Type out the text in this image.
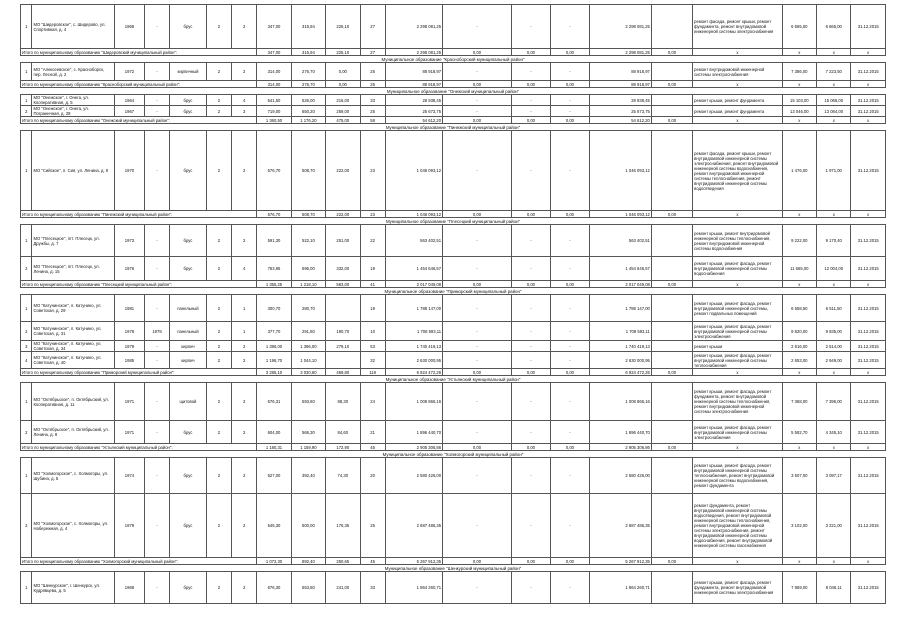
1	МО "Шидеровское", с. Шидерово, ул. Спортивная, д. 4	1969	-	брус	2	2	347,00	315,94	225,10	27	2 298 081,25	-	-	-	2 298 081,25		ремонт фасада, ремонт крыши, ремонт фундамента, ремонт внутридомовой инженерной системы электроснабжения	6 665,00	6 665,00	31.12.2015
Итого по муниципальному образованию "Шидеровский муниципальный район":							347,00	315,94	225,10	27	2 298 081,25	0,00	0,00	0,00	2 298 081,25	0,00	х	х	х	х
Муниципальное образование "Красноборский муниципальный район"																				
1	МО "Алексеевское", с. Красноборск, пер. Лесной, д. 2	1972	-	кирпичный	2	2	314,00	276,70	0,00	25	88 918,97	-	-	-	88 918,97		ремонт внутридомовой инженерной системы электроснабжения	7 386,00	7 223,50	31.12.2015
Итого по муниципальному образованию "Красноборский муниципальный район":							314,00	276,70	0,00	25	88 918,97	0,00	0,00	0,00	88 918,97	0,00	х	х	х	х
Муниципальное образование "Онежский муниципальный район"																				
1	МО "Онежское", г. Онега, ул. Кооперативная, д. 5	1964	-	брус	2	4	641,50	526,00	216,00	33	28 938,45	-	-	-	28 938,45		ремонт крыши, ремонт фундамента	15 103,00	15 066,00	31.12.2015
2	МО "Онежское", г. Онега, ул. Пограничная, д. 28	1967	-	брус	2	3	719,00	650,20	259,00	25	25 673,75	-	-	-	25 673,75		ремонт крыши, ремонт фундамента	13 046,00	13 084,00	31.12.2015
Итого по муниципальному образованию "Онежский муниципальный район":							1 360,50	1 176,20	475,00	58	54 612,20	0,00	0,00	0,00	54 612,20	0,00	х	х	х	х
Муниципальное образование "Пинежский муниципальный район"																				
1	МО "Сийское", п. Сия, ул. Ленина, д. 9	1970	-	брус	2	2	576,70	508,70	222,00	23	1 046 093,12	-	-	-	1 046 093,12		ремонт фасада, ремонт крыши, ремонт внутридомовой инженерной системы электроснабжения, ремонт внутридомовой инженерной системы водоснабжения, ремонт внутридомовой инженерной системы теплоснабжения, ремонт внутридомовой инженерной системы водоотведения	1 476,00	1 971,00	31.12.2015
Итого по муниципальному образованию "Пинежский муниципальный район":							576,70	508,70	222,00	23	1 046 093,12	0,00	0,00	0,00	1 046 093,12	0,00	х	х	х	х
Муниципальное образование "Плесецкий муниципальный район"																				
1	МО "Плесецкое", пгт. Плесецк, ул. Дружбы, д. 7	1973	-	брус	2	2	591,30	522,10	251,00	22	563 402,51	-	-	-	563 402,51		ремонт крыши, ремонт внутридомовой инженерной системы теплоснабжения, ремонт внутридомовой инженерной системы водоснабжения	9 222,00	9 170,40	31.12.2015
2	МО "Плесецкое", пгт. Плесецк, ул. Ленина, д. 15	1976	-	брус	2	4	763,95	696,00	332,00	19	1 454 646,57	-	-	-	1 454 646,57		ремонт крыши, ремонт фасада, ремонт внутридомовой инженерной системы водоснабжения	11 665,00	12 004,00	31.12.2015
Итого по муниципальному образованию "Плесецкий муниципальный район":							1 355,25	1 218,10	583,00	41	2 017 049,08	0,00	0,00	0,00	2 017 049,08	0,00	х	х	х	х
Муниципальное образование "Приморский муниципальный район"																				
1	МО "Катунинское", п. Катунино, ул. Советская, д. 29	1981	-	панельный	2	1	300,70	280,70		19	1 788 147,00	-	-	-	1 788 147,00		ремонт крыши, ремонт фасада, ремонт внутридомовой инженерной системы, ремонт подвальных помещений	6 558,50	6 511,50	31.12.2015
2	МО "Катунинское", п. Катунино, ул. Советская, д. 31	1978	1978	панельный	2	1	377,70	291,80	190,70	10	1 708 593,11	-	-	-	1 708 593,11		ремонт крыши, ремонт фасада, ремонт внутридомовой инженерной системы электроснабжения	9 820,00	9 935,00	31.12.2015
3	МО "Катунинское", п. Катунино, ул. Советская, д. 34	1979	-	кирпич	2	2	1 396,00	1 396,00	279,10	53	1 740 419,13	-	-	-	1 740 419,13		ремонт крыши	2 616,00	2 514,00	31.12.2015
4	МО "Катунинское", п. Катунино, ул. Советская, д. 40	1985	-	кирпич	2	2	1 196,70	1 044,10		32	2 630 000,95	-	-	-	2 630 000,95		ремонт крыши, ремонт фасада, ремонт внутридомовой инженерной системы теплоснабжения	2 653,00	2 949,00	31.12.2015
Итого по муниципальному образованию "Приморский муниципальный район":							3 285,10	3 030,60	469,80	119	6 924 472,26	0,00	0,00	0,00	6 924 472,26	0,00	х	х	х	х
Муниципальное образование "Устьянский муниципальный район"																				
1	МО "Октябрьское", п. Октябрьский, ул. Кооперативная, д. 11	1971	-	щитовой	2	2	576,31	593,60	88,30	24	1 008 866,16	-	-	-	1 008 866,16		ремонт крыши, ремонт фасада, ремонт фундамента, ремонт внутридомовой инженерной системы теплоснабжения, ремонт внутридомовой инженерной системы электроснабжения	7 368,00	7 396,00	31.12.2015
2	МО "Октябрьское", п. Октябрьский, ул. Ленина, д. 8	1971	-	брус	2	2	604,00	566,30	84,60	21	1 896 440,70	-	-	-	1 896 440,70		ремонт крыши, ремонт фасада, ремонт внутридомовой инженерной системы электроснабжения	5 582,70	4 345,10	31.12.2015
Итого по муниципальному образованию "Устьянский муниципальный район":							1 180,31	1 159,90	172,90	45	2 905 306,86	0,00	0,00	0,00	2 905 306,86	0,00	х	х	х	х
Муниципальное образование "Холмогорский муниципальный район"																				
1	МО "Холмогорское", с. Холмогоры, ул. Шубина, д. 5	1974	-	брус	2	2	527,00	392,40	74,30	20	2 580 426,00	-	-	-	2 580 426,00		ремонт крыши, ремонт фасада, ремонт внутридомовой инженерной системы теплоснабжения, ремонт внутридомовой инженерной системы водоснабжения, ремонт фундамента	3 507,00	3 097,17	31.12.2015
2	МО "Холмогорское", с. Холмогоры, ул. Набережная, д. 4	1979	-	брус	2	2	545,30	500,00	176,35	25	2 687 486,35	-	-	-	2 687 486,35		ремонт фундамента, ремонт внутридомовой инженерной системы водоотведения, ремонт внутридомовой инженерной системы теплоснабжения, ремонт внутридомовой инженерной системы электроснабжения, ремонт внутридомовой инженерной системы водоснабжения, ремонт внутридомовой инженерной системы газоснабжения	3 102,00	3 221,00	31.12.2015
Итого по муниципальному образованию "Холмогорский муниципальный район":							1 072,30	892,40	250,65	45	5 267 912,35	0,00	0,00	0,00	5 267 912,35	0,00	х	х	х	х
Муниципальное образование "Шенкурский муниципальный район"																				
1	МО "Шенкурское", г. Шенкурск, ул. Кудрявцева, д. 5	1968	-	брус	2	2	676,30	553,80	241,00	33	1 864 260,71	-	-	-	1 864 260,71		ремонт крыши, ремонт фасада, ремонт фундамента, ремонт внутридомовой инженерной системы электроснабжения	7 869,00	8 046,11	31.12.2015
